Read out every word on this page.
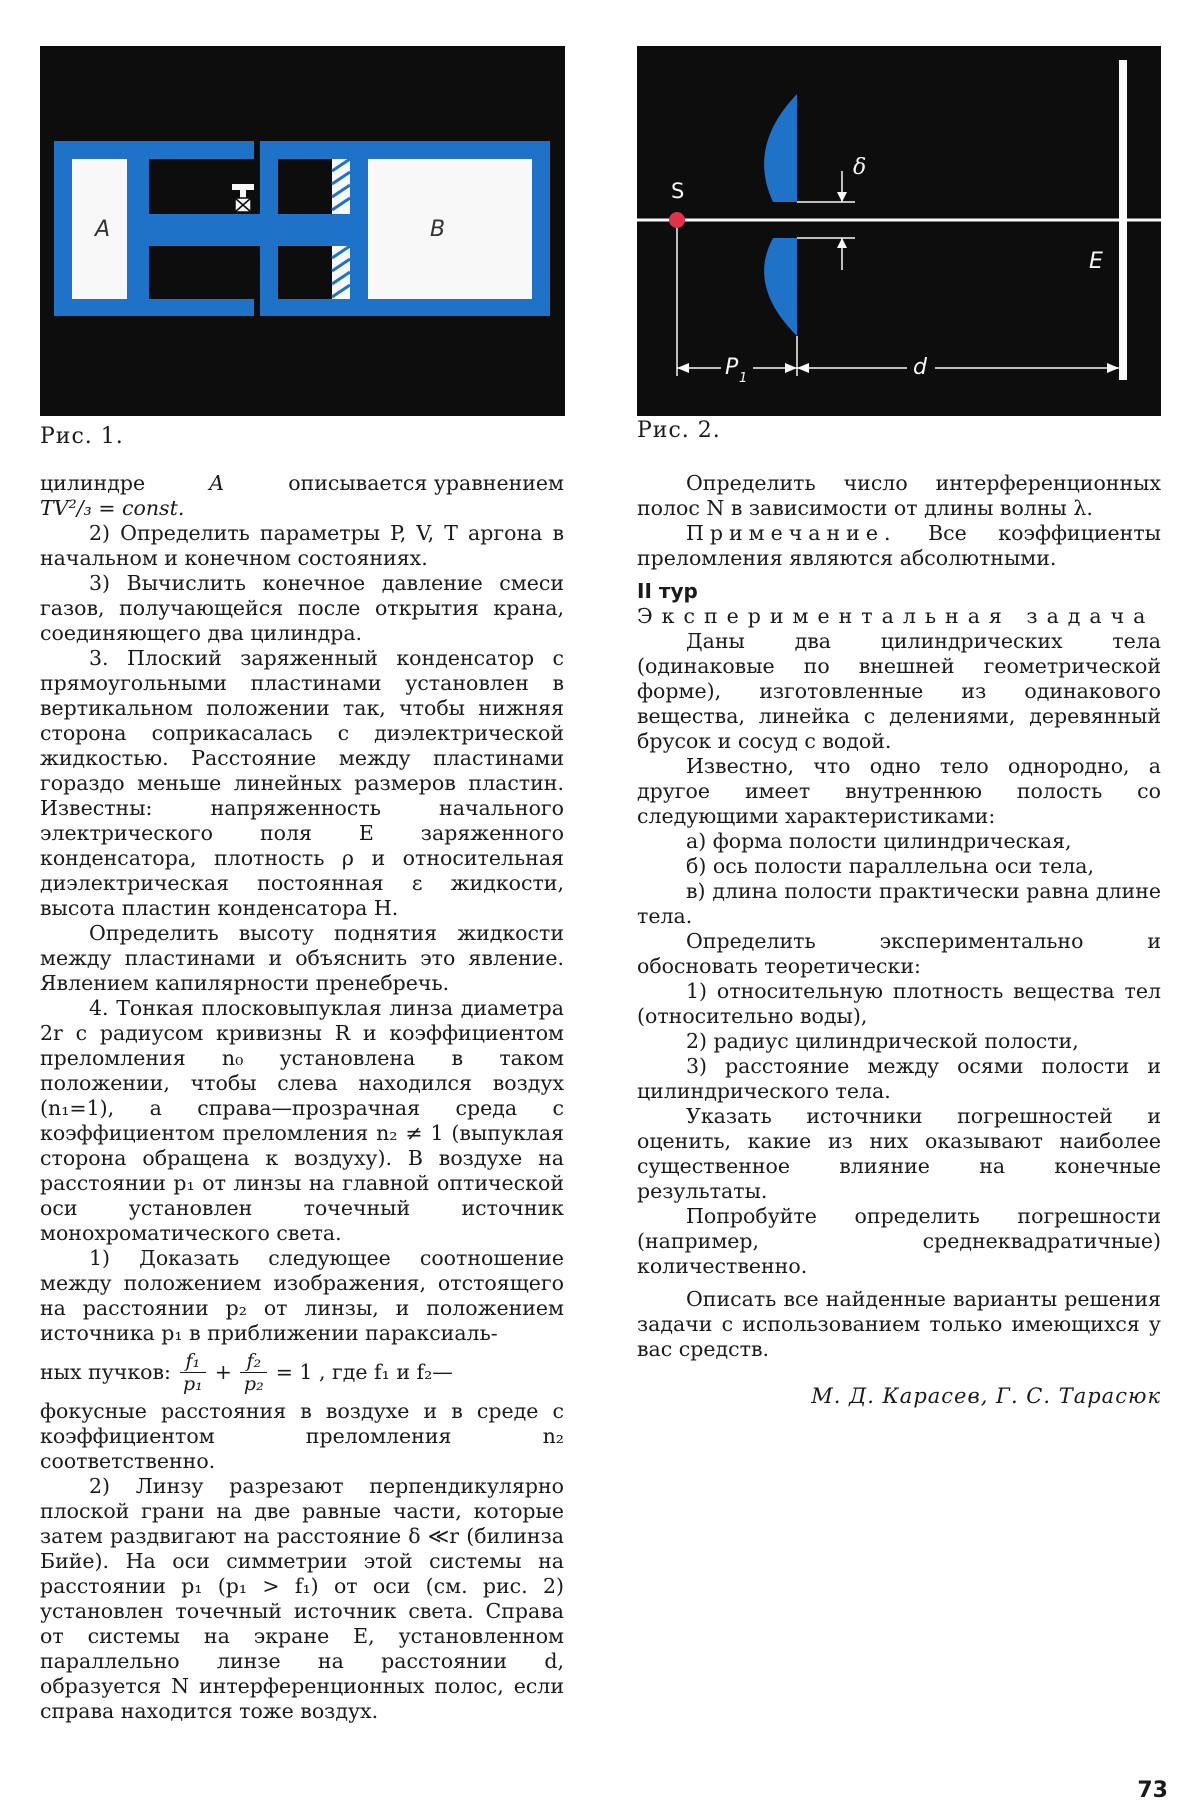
A	B
Рис. 1.
δ
E
S
P 1	d
Рис. 2.

цилиндре	A	описывается уравнением

TV²/₃ = const.

2) Определить параметры P, V, T аргона в начальном и конечном состояниях.

3) Вычислить конечное давление смеси газов, получающейся после открытия крана, соединяющего два цилиндра.

3. Плоский заряженный конденсатор с прямоугольными пластинами установлен в вертикальном положении так, чтобы нижняя сторона соприкасалась с диэлектрической жидкостью. Расстояние между пластинами гораздо меньше линейных размеров пластин. Известны: напряженность начального электрического поля E заряженного конденсатора, плотность ρ и относительная диэлектрическая постоянная ε жидкости, высота пластин конденсатора H.

Определить высоту поднятия жидкости между пластинами и объяснить это явление. Явлением капилярности пренебречь.

4. Тонкая плосковыпуклая линза диаметра 2r с радиусом кривизны R и коэффициентом преломления n₀ установлена в таком положении, чтобы слева находился воздух (n₁=1), а справа—прозрачная среда с коэффициентом преломления n₂ ≠ 1 (выпуклая сторона обращена к воздуху). В воздухе на расстоянии p₁ от линзы на главной оптической оси установлен точечный источник монохроматического света.

1) Доказать следующее соотношение между положением изображения, отстоящего на расстоянии p₂ от линзы, и положением источника p₁ в приближении параксиаль-

ных пучков: $\frac{\text{f₁}}{\text{p₁}} + \frac{\text{f₂}}{\text{p₂}} = 1$ , где f₁ и f₂—

фокусные расстояния в воздухе и в среде с коэффициентом преломления n₂ соответственно.

2) Линзу разрезают перпендикулярно плоской грани на две равные части, которые затем раздвигают на расстояние δ ≪r (билинза Бийе). На оси симметрии этой системы на расстоянии p₁ (p₁ > f₁) от оси (см. рис. 2) установлен точечный источник света. Справа от системы на экране E, установленном параллельно линзе на расстоянии d, образуется N интерференционных полос, если справа находится тоже воздух.

Определить число интерференционных полос N в зависимости от длины волны λ.

Примечание. Все коэффициенты преломления являются абсолютными.

II тур

Экспериментальная задача

Даны два цилиндрических тела (одинаковые по внешней геометрической форме), изготовленные из одинакового вещества, линейка с делениями, деревянный брусок и сосуд с водой.

Известно, что одно тело однородно, а другое имеет внутреннюю полость со следующими характеристиками:

а) форма полости цилиндрическая,

б) ось полости параллельна оси тела,

в) длина полости практически равна длине тела.

Определить экспериментально и обосновать теоретически:

1) относительную плотность вещества тел (относительно воды),

2) радиус цилиндрической полости,

3) расстояние между осями полости и цилиндрического тела.

Указать источники погрешностей и оценить, какие из них оказывают наиболее существенное влияние на конечные результаты.

Попробуйте определить погрешности (например, среднеквадратичные) количественно.

Описать все найденные варианты решения задачи с использованием только имеющихся у вас средств.

М. Д. Карасев, Г. С. Тарасюк

73
